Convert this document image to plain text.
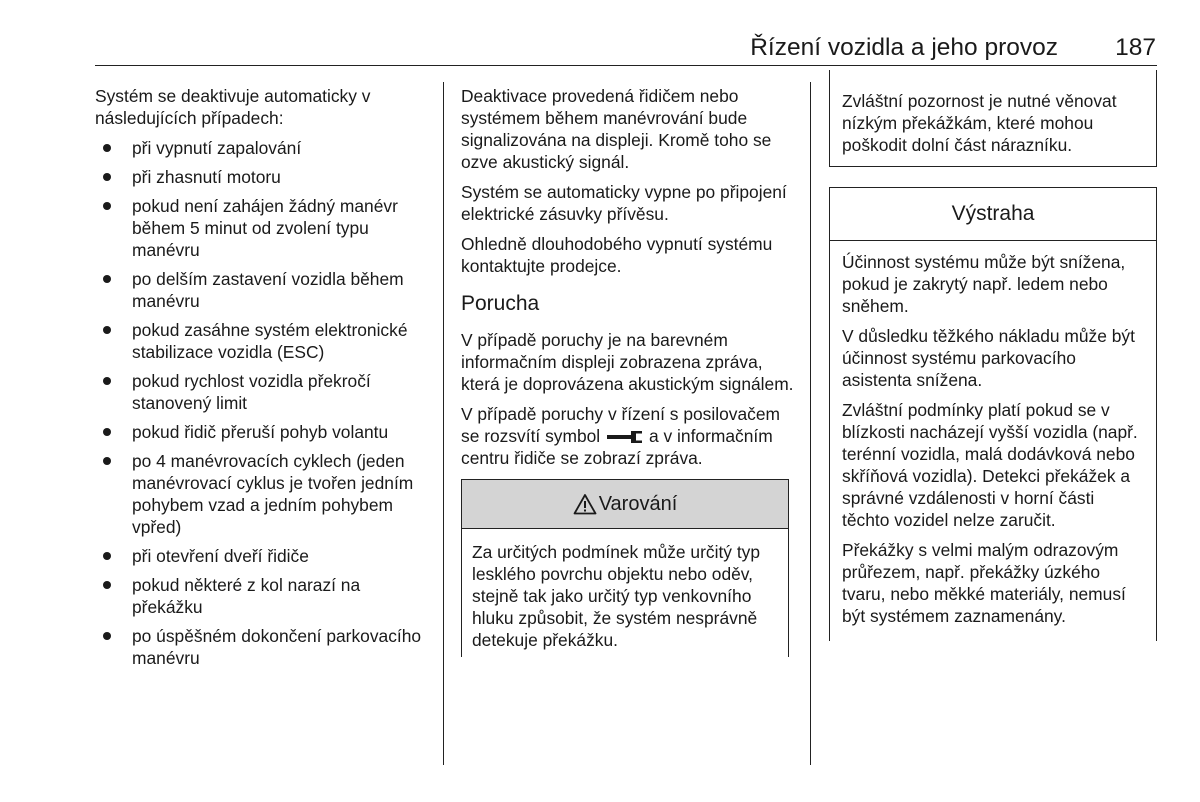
Řízení vozidla a jeho provoz 187

Systém se deaktivuje automaticky v následujících případech:

při vypnutí zapalování
při zhasnutí motoru
pokud není zahájen žádný manévr během 5 minut od zvolení typu manévru
po delším zastavení vozidla během manévru
pokud zasáhne systém elektronické stabilizace vozidla (ESC)
pokud rychlost vozidla překročí stanovený limit
pokud řidič přeruší pohyb volantu
po 4 manévrovacích cyklech (jeden manévrovací cyklus je tvořen jedním pohybem vzad a jedním pohybem vpřed)
při otevření dveří řidiče
pokud některé z kol narazí na překážku
po úspěšném dokončení parkovacího manévru

Deaktivace provedená řidičem nebo systémem během manévrování bude signalizována na displeji. Kromě toho se ozve akustický signál.

Systém se automaticky vypne po připojení elektrické zásuvky přívěsu.

Ohledně dlouhodobého vypnutí systému kontaktujte prodejce.

Porucha

V případě poruchy je na barevném informačním displeji zobrazena zpráva, která je doprovázena akustickým signálem.

V případě poruchy v řízení s posilovačem se rozsvítí symbol	a v informačním centru řidiče se zobrazí zpráva.

Varování
Za určitých podmínek může určitý typ lesklého povrchu objektu nebo oděv, stejně tak jako určitý typ venkovního hluku způsobit, že systém nesprávně detekuje překážku.
Zvláštní pozornost je nutné věnovat nízkým překážkám, které mohou poškodit dolní část nárazníku.
Výstraha

Účinnost systému může být snížena, pokud je zakrytý např. ledem nebo sněhem.

V důsledku těžkého nákladu může být účinnost systému parkovacího asistenta snížena.

Zvláštní podmínky platí pokud se v blízkosti nacházejí vyšší vozidla (např. terénní vozidla, malá dodávková nebo skříňová vozidla). Detekci překážek a správné vzdálenosti v horní části těchto vozidel nelze zaručit.

Překážky s velmi malým odrazovým průřezem, např. překážky úzkého tvaru, nebo měkké materiály, nemusí být systémem zaznamenány.
